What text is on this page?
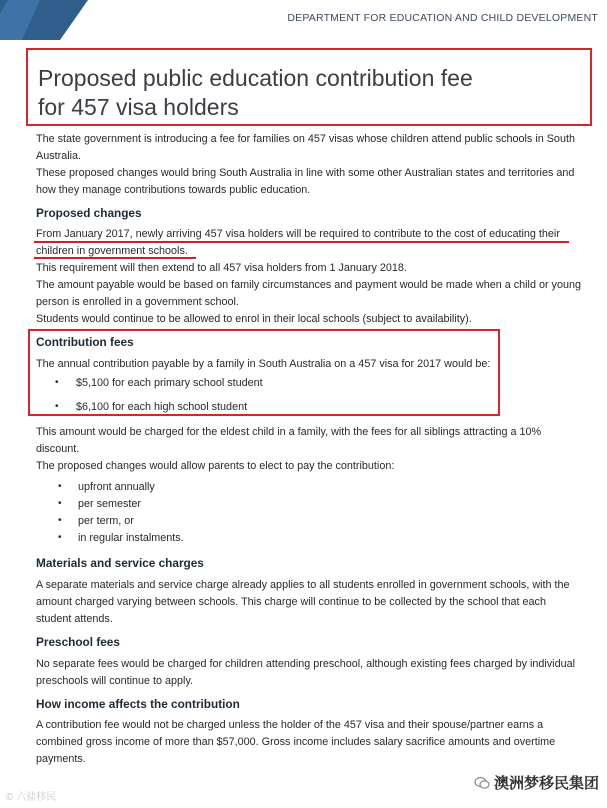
DEPARTMENT FOR EDUCATION AND CHILD DEVELOPMENT
Proposed public education contribution fee
for 457 visa holders
The state government is introducing a fee for families on 457 visas whose children attend public schools in South
Australia.
These proposed changes would bring South Australia in line with some other Australian states and territories and
how they manage contributions towards public education.
Proposed changes
From January 2017, newly arriving 457 visa holders will be required to contribute to the cost of educating their
children in government schools.
This requirement will then extend to all 457 visa holders from 1 January 2018.
The amount payable would be based on family circumstances and payment would be made when a child or young
person is enrolled in a government school.
Students would continue to be allowed to enrol in their local schools (subject to availability).
Contribution fees
The annual contribution payable by a family in South Australia on a 457 visa for 2017 would be:
• $5,100 for each primary school student
• $6,100 for each high school student
This amount would be charged for the eldest child in a family, with the fees for all siblings attracting a 10%
discount.
The proposed changes would allow parents to elect to pay the contribution:
• upfront annually
• per semester
• per term, or
• in regular instalments.
Materials and service charges
A separate materials and service charge already applies to all students enrolled in government schools, with the
amount charged varying between schools. This charge will continue to be collected by the school that each
student attends.
Preschool fees
No separate fees would be charged for children attending preschool, although existing fees charged by individual
preschools will continue to apply.
How income affects the contribution
A contribution fee would not be charged unless the holder of the 457 visa and their spouse/partner earns a
combined gross income of more than $57,000. Gross income includes salary sacrifice amounts and overtime
payments.
© 六盐移民
澳洲梦移民集团
